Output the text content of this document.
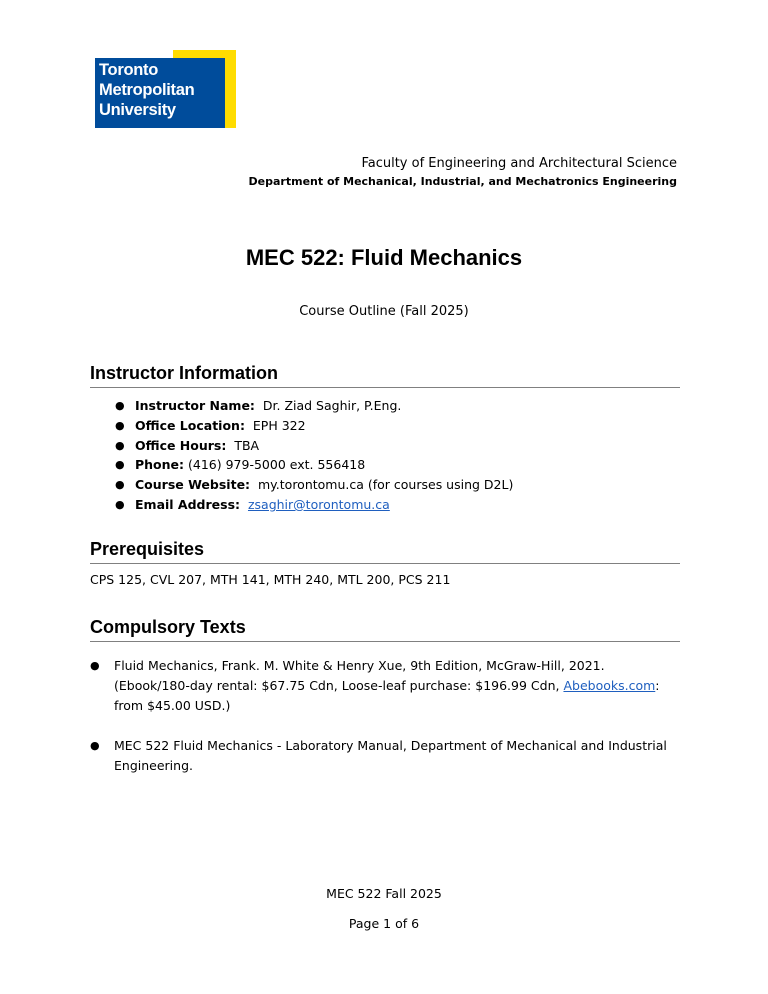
Toronto
Metropolitan
University
Faculty of Engineering and Architectural Science
Department of Mechanical, Industrial, and Mechatronics Engineering
MEC 522: Fluid Mechanics
Course Outline (Fall 2025)
Instructor Information
● Instructor Name: Dr. Ziad Saghir, P.Eng.
● Office Location: EPH 322
● Office Hours: TBA
● Phone: (416) 979-5000 ext. 556418
● Course Website: my.torontomu.ca (for courses using D2L)
● Email Address: zsaghir@torontomu.ca
Prerequisites
CPS 125, CVL 207, MTH 141, MTH 240, MTL 200, PCS 211
Compulsory Texts
● Fluid Mechanics, Frank. M. White & Henry Xue, 9th Edition, McGraw-Hill, 2021. (Ebook/180-day rental: $67.75 Cdn, Loose-leaf purchase: $196.99 Cdn, Abebooks.com: from $45.00 USD.)
● MEC 522 Fluid Mechanics - Laboratory Manual, Department of Mechanical and Industrial Engineering.
MEC 522 Fall 2025
Page 1 of 6
